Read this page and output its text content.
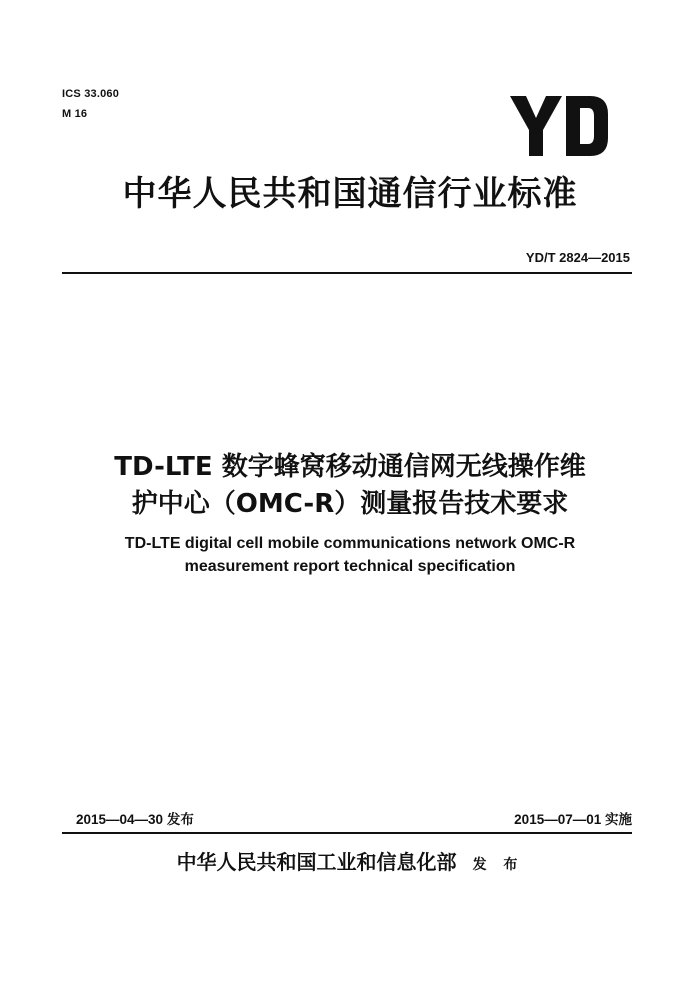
ICS 33.060
M 16
中华人民共和国通信行业标准
YD/T 2824—2015
TD-LTE 数字蜂窝移动通信网无线操作维
护中心（OMC-R）测量报告技术要求
TD-LTE digital cell mobile communications network OMC-R
measurement report technical specification
2015—04—30 发布	2015—07—01 实施
中华人民共和国工业和信息化部 发 布
